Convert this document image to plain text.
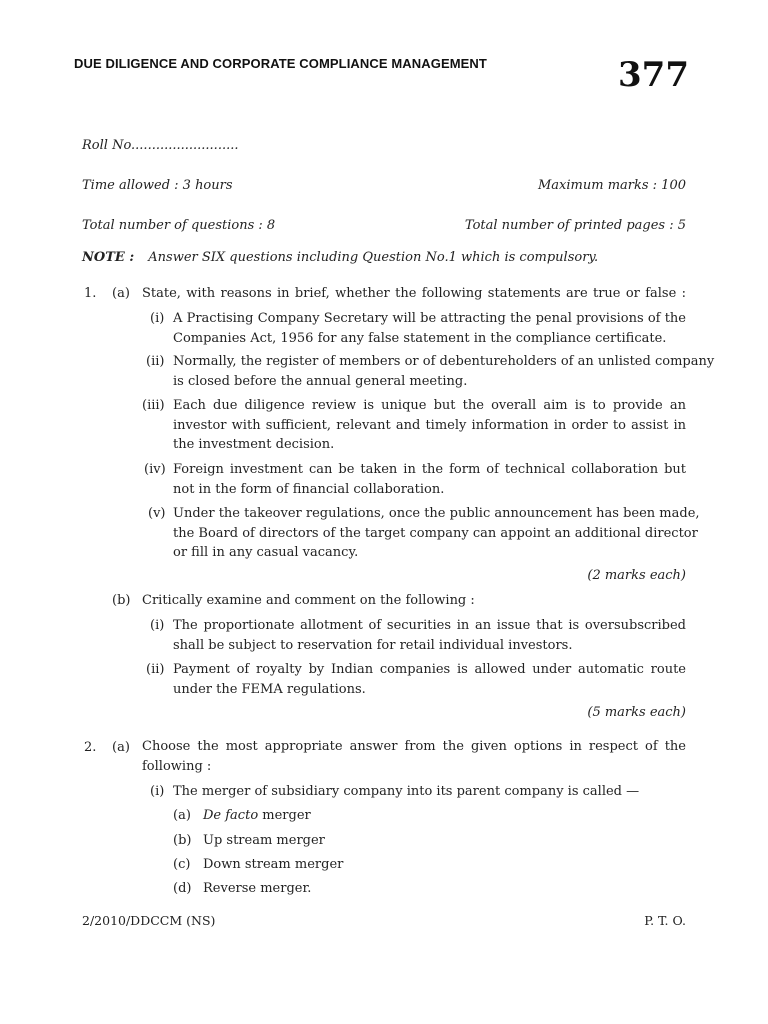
DUE DILIGENCE AND CORPORATE COMPLIANCE MANAGEMENT	377
Roll No..........................
Time allowed : 3 hours	Maximum marks : 100
Total number of questions : 8	Total number of printed pages : 5
NOTE : Answer SIX questions including Question No.1 which is compulsory.
1. (a) State, with reasons in brief, whether the following statements are true or false :
(i) A Practising Company Secretary will be attracting the penal provisions of the
Companies Act, 1956 for any false statement in the compliance certificate.
(ii) Normally, the register of members or of debentureholders of an unlisted company
is closed before the annual general meeting.
(iii) Each due diligence review is unique but the overall aim is to provide an
investor with sufficient, relevant and timely information in order to assist in
the investment decision.
(iv) Foreign investment can be taken in the form of technical collaboration but
not in the form of financial collaboration.
(v) Under the takeover regulations, once the public announcement has been made,
the Board of directors of the target company can appoint an additional director
or fill in any casual vacancy.
(2 marks each)
(b) Critically examine and comment on the following :
(i) The proportionate allotment of securities in an issue that is oversubscribed
shall be subject to reservation for retail individual investors.
(ii) Payment of royalty by Indian companies is allowed under automatic route
under the FEMA regulations.
(5 marks each)
2. (a) Choose the most appropriate answer from the given options in respect of the
following :
(i) The merger of subsidiary company into its parent company is called —
(a) De facto merger
(b) Up stream merger
(c) Down stream merger
(d) Reverse merger.
2/2010/DDCCM (NS)	P. T. O.
